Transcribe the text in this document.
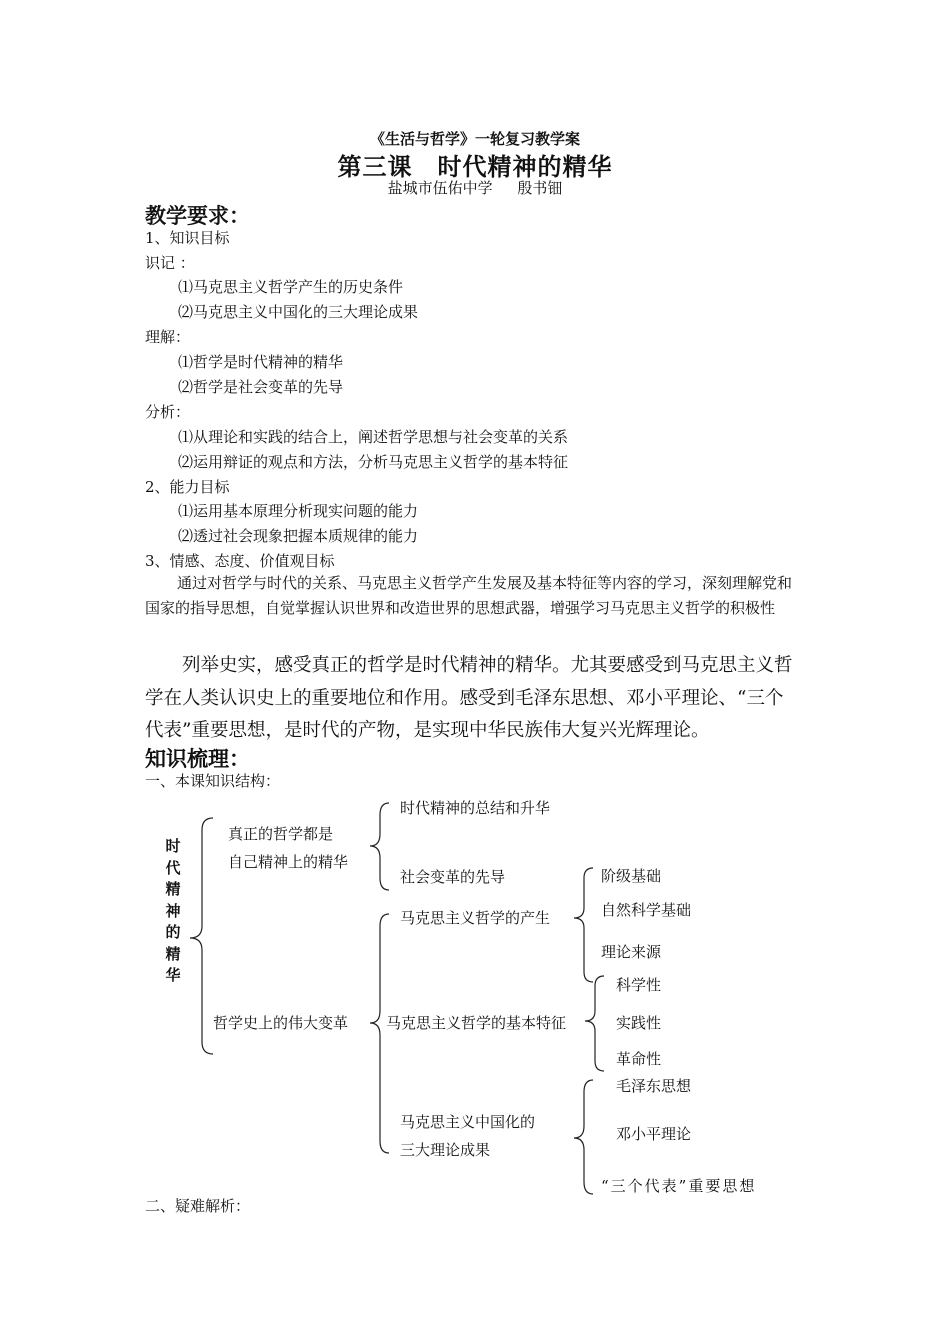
《生活与哲学》一轮复习教学案
第三课　时代精神的精华
盐城市伍佑中学 殷书钿
教学要求：
1、知识目标
识记 ：
⑴马克思主义哲学产生的历史条件
⑵马克思主义中国化的三大理论成果
理解：
⑴哲学是时代精神的精华
⑵哲学是社会变革的先导
分析：
⑴从理论和实践的结合上，阐述哲学思想与社会变革的关系
⑵运用辩证的观点和方法，分析马克思主义哲学的基本特征
2、能力目标
⑴运用基本原理分析现实问题的能力
⑵透过社会现象把握本质规律的能力
3、情感、态度、价值观目标
通过对哲学与时代的关系、马克思主义哲学产生发展及基本特征等内容的学习，深刻理解党和国家的指导思想，自觉掌握认识世界和改造世界的思想武器，增强学习马克思主义哲学的积极性
列举史实，感受真正的哲学是时代精神的精华。尤其要感受到马克思主义哲学在人类认识史上的重要地位和作用。感受到毛泽东思想、邓小平理论、“三个代表”重要思想，是时代的产物，是实现中华民族伟大复兴光辉理论。
知识梳理：
一、本课知识结构：
时代精神的精华
真正的哲学都是
自己精神上的精华
时代精神的总结和升华
社会变革的先导
哲学史上的伟大变革
马克思主义哲学的产生
马克思主义哲学的基本特征
马克思主义中国化的
三大理论成果
阶级基础
自然科学基础
理论来源
科学性
实践性
革命性
毛泽东思想
邓小平理论
“三个代表”重要思想
二、疑难解析：
